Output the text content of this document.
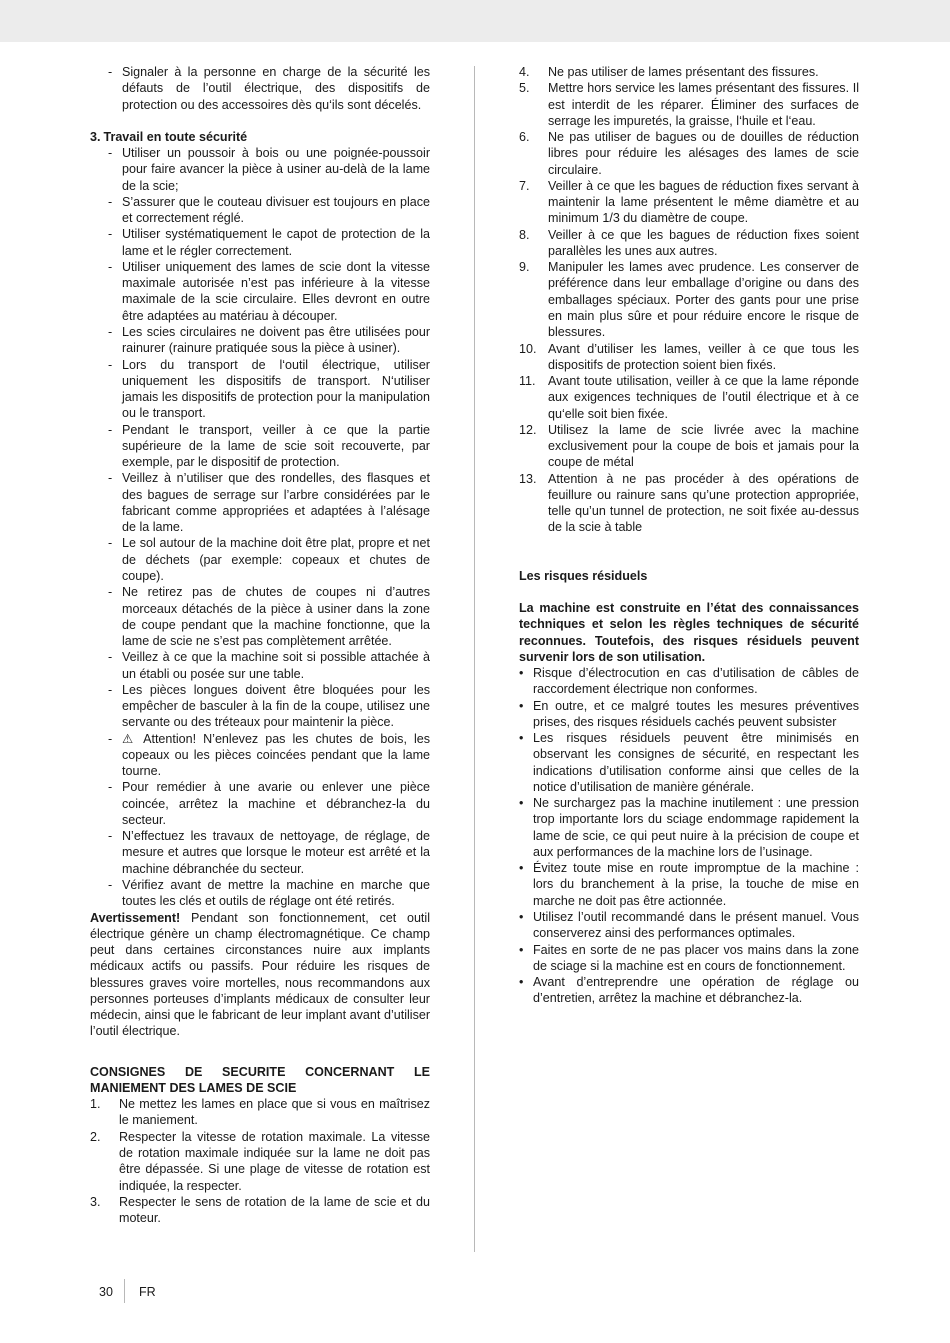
- Signaler à la personne en charge de la sécurité les défauts de l’outil électrique, des dispositifs de protection ou des accessoires dès qu‘ils sont décelés.
3. Travail en toute sécurité
- Utiliser un poussoir à bois ou une poignée-poussoir pour faire avancer la pièce à usiner au-delà de la lame de la scie;
- S’assurer que le couteau divisuer est toujours en place et correctement réglé.
- Utiliser systématiquement le capot de protection de la lame et le régler correctement.
- Utiliser uniquement des lames de scie dont la vitesse maximale autorisée n’est pas inférieure à la vitesse maximale de la scie circulaire. Elles devront en outre être adaptées au matériau à découper.
- Les scies circulaires ne doivent pas être utilisées pour rainurer (rainure pratiquée sous la pièce à usiner).
- Lors du transport de l‘outil électrique, utiliser uniquement les dispositifs de transport. N‘utiliser jamais les dispositifs de protection pour la manipulation ou le transport.
- Pendant le transport, veiller à ce que la partie supérieure de la lame de scie soit recouverte, par exemple, par le dispositif de protection.
- Veillez à n’utiliser que des rondelles, des flasques et des bagues de serrage sur l’arbre considérées par le fabricant comme appropriées et adaptées à l’alésage de la lame.
- Le sol autour de la machine doit être plat, propre et net de déchets (par exemple: copeaux et chutes de coupe).
- Ne retirez pas de chutes de coupes ni d’autres morceaux détachés de la pièce à usiner dans la zone de coupe pendant que la machine fonctionne, que la lame de scie ne s’est pas complètement arrêtée.
- Veillez à ce que la machine soit si possible attachée à un établi ou posée sur une table.
- Les pièces longues doivent être bloquées pour les empêcher de basculer à la fin de la coupe, utilisez une servante ou des tréteaux pour maintenir la pièce.
- ⚠ Attention! N’enlevez pas les chutes de bois, les copeaux ou les pièces coincées pendant que la lame tourne.
- Pour remédier à une avarie ou enlever une pièce coincée, arrêtez la machine et débranchez-la du secteur.
- N’effectuez les travaux de nettoyage, de réglage, de mesure et autres que lorsque le moteur est arrêté et la machine débranchée du secteur.
- Vérifiez avant de mettre la machine en marche que toutes les clés et outils de réglage ont été retirés.
Avertissement! Pendant son fonctionnement, cet outil électrique génère un champ électromagnétique. Ce champ peut dans certaines circonstances nuire aux implants médicaux actifs ou passifs. Pour réduire les risques de blessures graves voire mortelles, nous recommandons aux personnes porteuses d’implants médicaux de consulter leur médecin, ainsi que le fabricant de leur implant avant d’utiliser l’outil électrique.
CONSIGNES DE SECURITE CONCERNANT LE MANIEMENT DES LAMES DE SCIE
1. Ne mettez les lames en place que si vous en maîtrisez le maniement.
2. Respecter la vitesse de rotation maximale. La vitesse de rotation maximale indiquée sur la lame ne doit pas être dépassée. Si une plage de vitesse de rotation est indiquée, la respecter.
3. Respecter le sens de rotation de la lame de scie et du moteur.
4. Ne pas utiliser de lames présentant des fissures.
5. Mettre hors service les lames présentant des fissures. Il est interdit de les réparer. Éliminer des surfaces de serrage les impuretés, la graisse, l‘huile et l‘eau.
6. Ne pas utiliser de bagues ou de douilles de réduction libres pour réduire les alésages des lames de scie circulaire.
7. Veiller à ce que les bagues de réduction fixes servant à maintenir la lame présentent le même diamètre et au minimum 1/3 du diamètre de coupe.
8. Veiller à ce que les bagues de réduction fixes soient parallèles les unes aux autres.
9. Manipuler les lames avec prudence. Les conserver de préférence dans leur emballage d’origine ou dans des emballages spéciaux. Porter des gants pour une prise en main plus sûre et pour réduire encore le risque de blessures.
10. Avant d’utiliser les lames, veiller à ce que tous les dispositifs de protection soient bien fixés.
11. Avant toute utilisation, veiller à ce que la lame réponde aux exigences techniques de l’outil électrique et à ce qu‘elle soit bien fixée.
12. Utilisez la lame de scie livrée avec la machine exclusivement pour la coupe de bois et jamais pour la coupe de métal
13. Attention à ne pas procéder à des opérations de feuillure ou rainure sans qu’une protection appropriée, telle qu’un tunnel de protection, ne soit fixée au-dessus de la scie à table
Les risques résiduels
La machine est construite en l’état des connaissances techniques et selon les règles techniques de sécurité reconnues. Toutefois, des risques résiduels peuvent survenir lors de son utilisation.
• Risque d’électrocution en cas d’utilisation de câbles de raccordement électrique non conformes.
• En outre, et ce malgré toutes les mesures préventives prises, des risques résiduels cachés peuvent subsister
• Les risques résiduels peuvent être minimisés en observant les consignes de sécurité, en respectant les indications d’utilisation conforme ainsi que celles de la notice d’utilisation de manière générale.
• Ne surchargez pas la machine inutilement : une pression trop importante lors du sciage endommage rapidement la lame de scie, ce qui peut nuire à la précision de coupe et aux performances de la machine lors de l’usinage.
• Évitez toute mise en route impromptue de la machine : lors du branchement à la prise, la touche de mise en marche ne doit pas être actionnée.
• Utilisez l’outil recommandé dans le présent manuel. Vous conserverez ainsi des performances optimales.
• Faites en sorte de ne pas placer vos mains dans la zone de sciage si la machine est en cours de fonctionnement.
• Avant d’entreprendre une opération de réglage ou d’entretien, arrêtez la machine et débranchez-la.
30 FR
